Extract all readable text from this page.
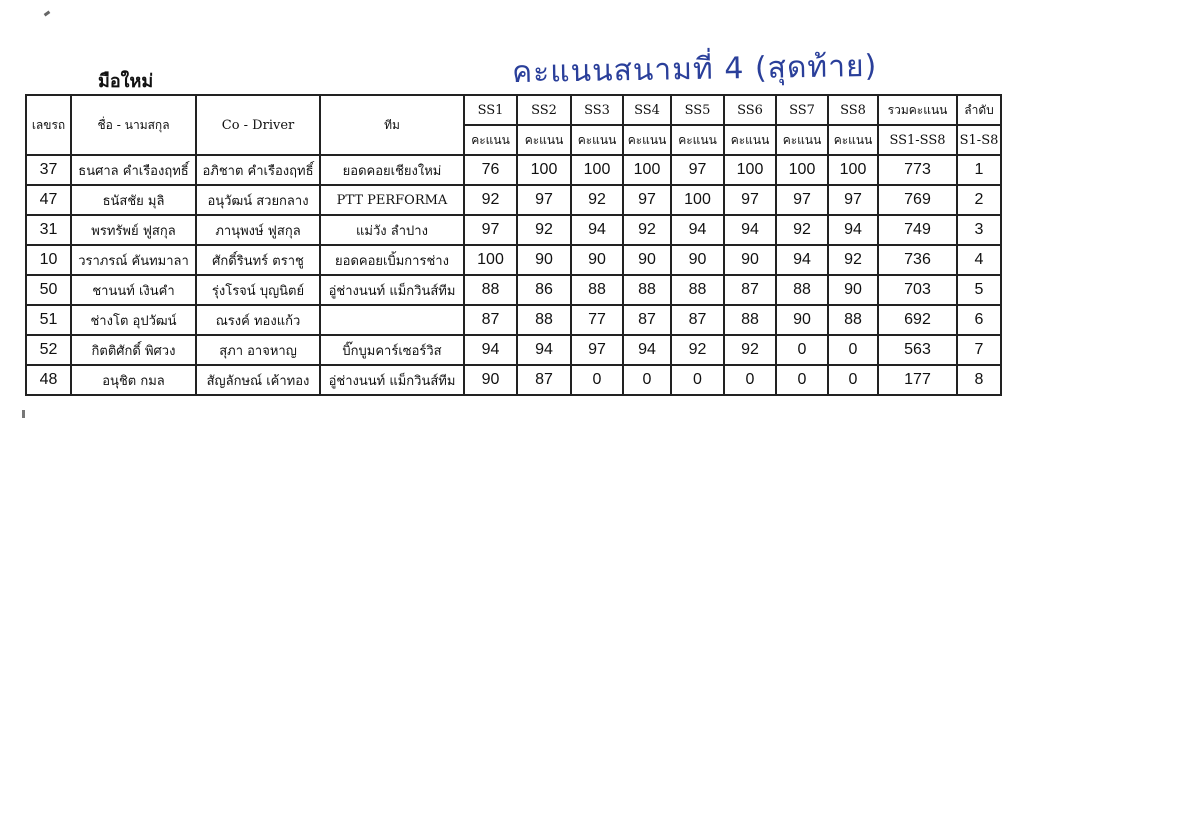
มือใหม่	คะแนนสนามที่ 4 (สุดท้าย)
เลขรถ	ชื่อ - นามสกุล	Co - Driver	ทีม	SS1	SS2	SS3	SS4	SS5	SS6	SS7	SS8	รวมคะแนน	ลำดับ
				คะแนน	คะแนน	คะแนน	คะแนน	คะแนน	คะแนน	คะแนน	คะแนน	SS1-SS8	S1-S8
37	ธนศาล คำเรืองฤทธิ์	อภิชาต คำเรืองฤทธิ์	ยอดคอยเชียงใหม่	76	100	100	100	97	100	100	100	773	1
47	ธนัสชัย มุลิ	อนุวัฒน์ สวยกลาง	PTT PERFORMA	92	97	92	97	100	97	97	97	769	2
31	พรทรัพย์ ฟูสกุล	ภานุพงษ์ ฟูสกุล	แม่วัง ลำปาง	97	92	94	92	94	94	92	94	749	3
10	วราภรณ์ คันทมาลา	ศักดิ์รินทร์ ตราชู	ยอดคอยเบิ้มการช่าง	100	90	90	90	90	90	94	92	736	4
50	ชานนท์ เงินคำ	รุ่งโรจน์ บุญนิตย์	อู่ช่างนนท์ แม็กวินส์ทีม	88	86	88	88	88	87	88	90	703	5
51	ช่างโต อุปวัฒน์	ณรงค์ ทองแก้ว		87	88	77	87	87	88	90	88	692	6
52	กิตติศักดิ์ พิศวง	สุภา อาจหาญ	บิ๊กบูมคาร์เซอร์วิส	94	94	97	94	92	92	0	0	563	7
48	อนุชิต กมล	สัญลักษณ์ เค้าทอง	อู่ช่างนนท์ แม็กวินส์ทีม	90	87	0	0	0	0	0	0	177	8
